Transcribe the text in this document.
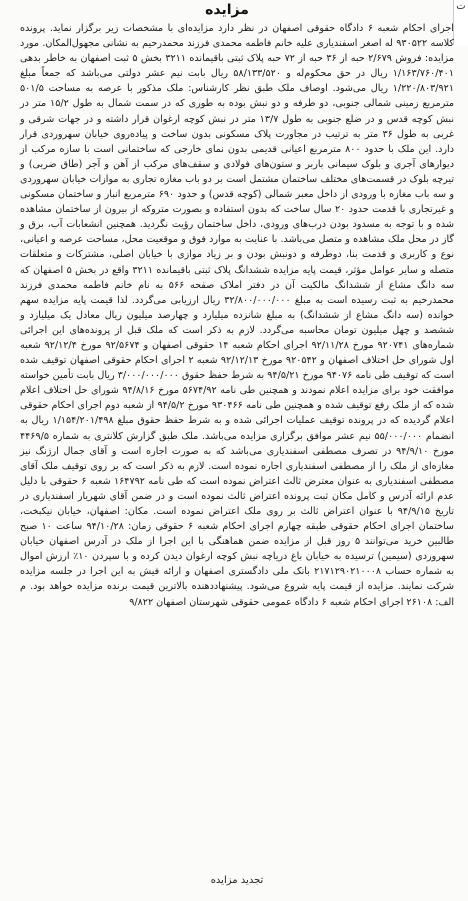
ت
مزایده
اجرای احکام شعبه ۶ دادگاه حقوقی اصفهان در نظر دارد مزایده‌ای با مشخصات زیر برگزار نماید. پرونده کلاسه ۹۳۰۵۲۲ له اصغر اسفندیاری علیه خانم فاطمه محمدی فرزند محمدرحیم به نشانی مجهول‌المکان. مورد مزایده: فروش ۲/۶۷۹ حبه از ۳۶ حبه از ۷۲ حبه پلاک ثبتی باقیمانده ۳۲۱۱ بخش ۵ ثبت اصفهان به خاطر بدهی ۱/۱۶۳/۷۶۰/۴۰۱ ریال در حق محکوم‌له و ۵۸/۱۳۳/۵۲۰ ریال بابت نیم عشر دولتی می‌باشد که جمعاً مبلغ ۱/۲۲۰/۸۰۳/۹۲۱ ریال می‌شود. اوصاف ملک طبق نظر کارشناس: ملک مذکور با عرصه به مساحت ۵۰۱/۵ مترمربع زمینی شمالی جنوبی، دو طرفه و دو نبش بوده به طوری که در سمت شمال به طول ۱۵/۲ متر در نبش کوچه قدس و در ضلع جنوبی به طول ۱۳/۷ متر در نبش کوچه ارغوان قرار داشته و در جهات شرقی و غربی به طول ۳۶ متر به ترتیب در مجاورت پلاک مسکونی بدون ساخت و پیاده‌روی خیابان سهروردی قرار دارد. این ملک با حدود ۸۰۰ مترمربع اعیانی قدیمی بدون نمای خارجی که ساختمانی است با سازه مرکب از دیوارهای آجری و بلوک سیمانی باربر و ستون‌های فولادی و سقف‌های مرکب از آهن و آجر (طاق ضربی) و تیرچه بلوک در قسمت‌های مختلف ساختمان مشتمل است بر دو باب مغازه تجاری به موازات خیابان سهروردی و سه باب مغازه با ورودی از داخل معبر شمالی (کوچه قدس) و حدود ۶۹۰ مترمربع انبار و ساختمان مسکونی و غیرتجاری با قدمت حدود ۲۰ سال ساخت که بدون استفاده و بصورت متروکه از بیرون از ساختمان مشاهده شده و با توجه به مسدود بودن درب‌های ورودی، داخل ساختمان رؤیت نگردید. همچنین انشعابات آب، برق و گاز در محل ملک مشاهده و متصل می‌باشد. با عنایت به موارد فوق و موقعیت محل، مساحت عرصه و اعیانی، نوع و کاربری و قدمت بنا، دوطرفه و دونبش بودن و بر زیاد موازی با خیابان اصلی، مشترکات و متعلقات متصله و سایر عوامل مؤثر، قیمت پایه مزایده ششدانگ پلاک ثبتی باقیمانده ۳۲۱۱ واقع در بخش ۵ اصفهان که سه دانگ مشاع از ششدانگ مالکیت آن در دفتر املاک صفحه ۵۶۶ به نام خانم فاطمه محمدی فرزند محمدرحیم به ثبت رسیده است به مبلغ ۳۲/۸۰۰/۰۰۰/۰۰۰ ریال ارزیابی می‌گردد. لذا قیمت پایه مزایده سهم خوانده (سه دانگ مشاع از ششدانگ) به مبلغ شانزده میلیارد و چهارصد میلیون ریال معادل یک میلیارد و ششصد و چهل میلیون تومان محاسبه می‌گردد. لازم به ذکر است که ملک قبل از پرونده‌های این اجرائی شماره‌های ۹۲۰۷۴۱ مورخ ۹۲/۱۱/۲۸ اجرای احکام شعبه ۱۴ حقوقی اصفهان و ۹۲/۵۶۷۴ مورخ ۹۲/۱۲/۴ شعبه اول شورای حل اختلاف اصفهان و ۹۲۰۵۴۲ مورخ ۹۲/۱۲/۱۳ شعبه ۲ اجرای احکام حقوقی اصفهان توقیف شده است که توقیف طی نامه ۹۴۰۷۶ مورخ ۹۴/۵/۲۱ به شرط حفظ حقوق ۳/۰۰۰/۰۰۰/۰۰۰ ریال بابت تأمین خواسته موافقت خود برای مزایده اعلام نمودند و همچنین طی نامه ۵۶۷۴/۹۲ مورخ ۹۴/۸/۱۶ شورای حل اختلاف اعلام شده که از ملک رفع توقیف شده و همچنین طی نامه ۹۳۰۴۶۶ مورخ ۹۴/۵/۲ از شعبه دوم اجرای احکام حقوقی اعلام گردیده که در پرونده توقیف عملیات اجرائی شده و به شرط حفظ حقوق مبلغ ۱/۱۵۴/۲۰۱/۴۹۸ ریال به انضمام ۵۵/۰۰۰/۰۰۰ نیم عشر موافق برگزاری مزایده می‌باشد. ملک طبق گزارش کلانتری به شماره ۴۴۶۹/۵ مورخ ۹۴/۹/۱۰ در تصرف مصطفی اسفندیاری می‌باشد که به صورت اجاره است و آقای جمال ارژنگ نیز مغازه‌ای از ملک را از مصطفی اسفندیاری اجاره نموده است. لازم به ذکر است که بر روی توقیف ملک آقای مصطفی اسفندیاری به عنوان معترض ثالث اعتراض نموده است که طی نامه ۱۶۴۷۹۲ شعبه ۶ حقوقی با دلیل عدم ارائه آدرس و کامل مکان ثبت پرونده اعتراض ثالث نموده است و در ضمن آقای شهریار اسفندیاری در تاریخ ۹۴/۹/۱۵ با عنوان اعتراض ثالث بر روی ملک اعتراض نموده است. مکان: اصفهان، خیابان نیکبخت، ساختمان اجرای احکام حقوقی طبقه چهارم اجرای احکام شعبه ۶ حقوقی زمان: ۹۴/۱۰/۲۸ ساعت ۱۰ صبح طالبین خرید می‌توانند ۵ روز قبل از مزایده ضمن هماهنگی با این اجرا از ملک در آدرس اصفهان خیابان سهروردی (سیمین) ترسیده به خیابان باغ دریاچه نبش کوچه ارغوان دیدن کرده و با سپردن ۱۰٪ ارزش اموال به شماره حساب ۲۱۷۱۲۹۰۲۱۰۰۰۸ بانک ملی دادگستری اصفهان و ارائه فیش به این اجرا در جلسه مزایده شرکت نمایند. مزایده از قیمت پایه شروع می‌شود. پیشنهاددهنده بالاترین قیمت برنده مزایده خواهد بود. م الف: ۲۶۱۰۸ اجرای احکام شعبه ۶ دادگاه عمومی حقوقی شهرستان اصفهان ۹/۸۲۲
تجدید مزایده
